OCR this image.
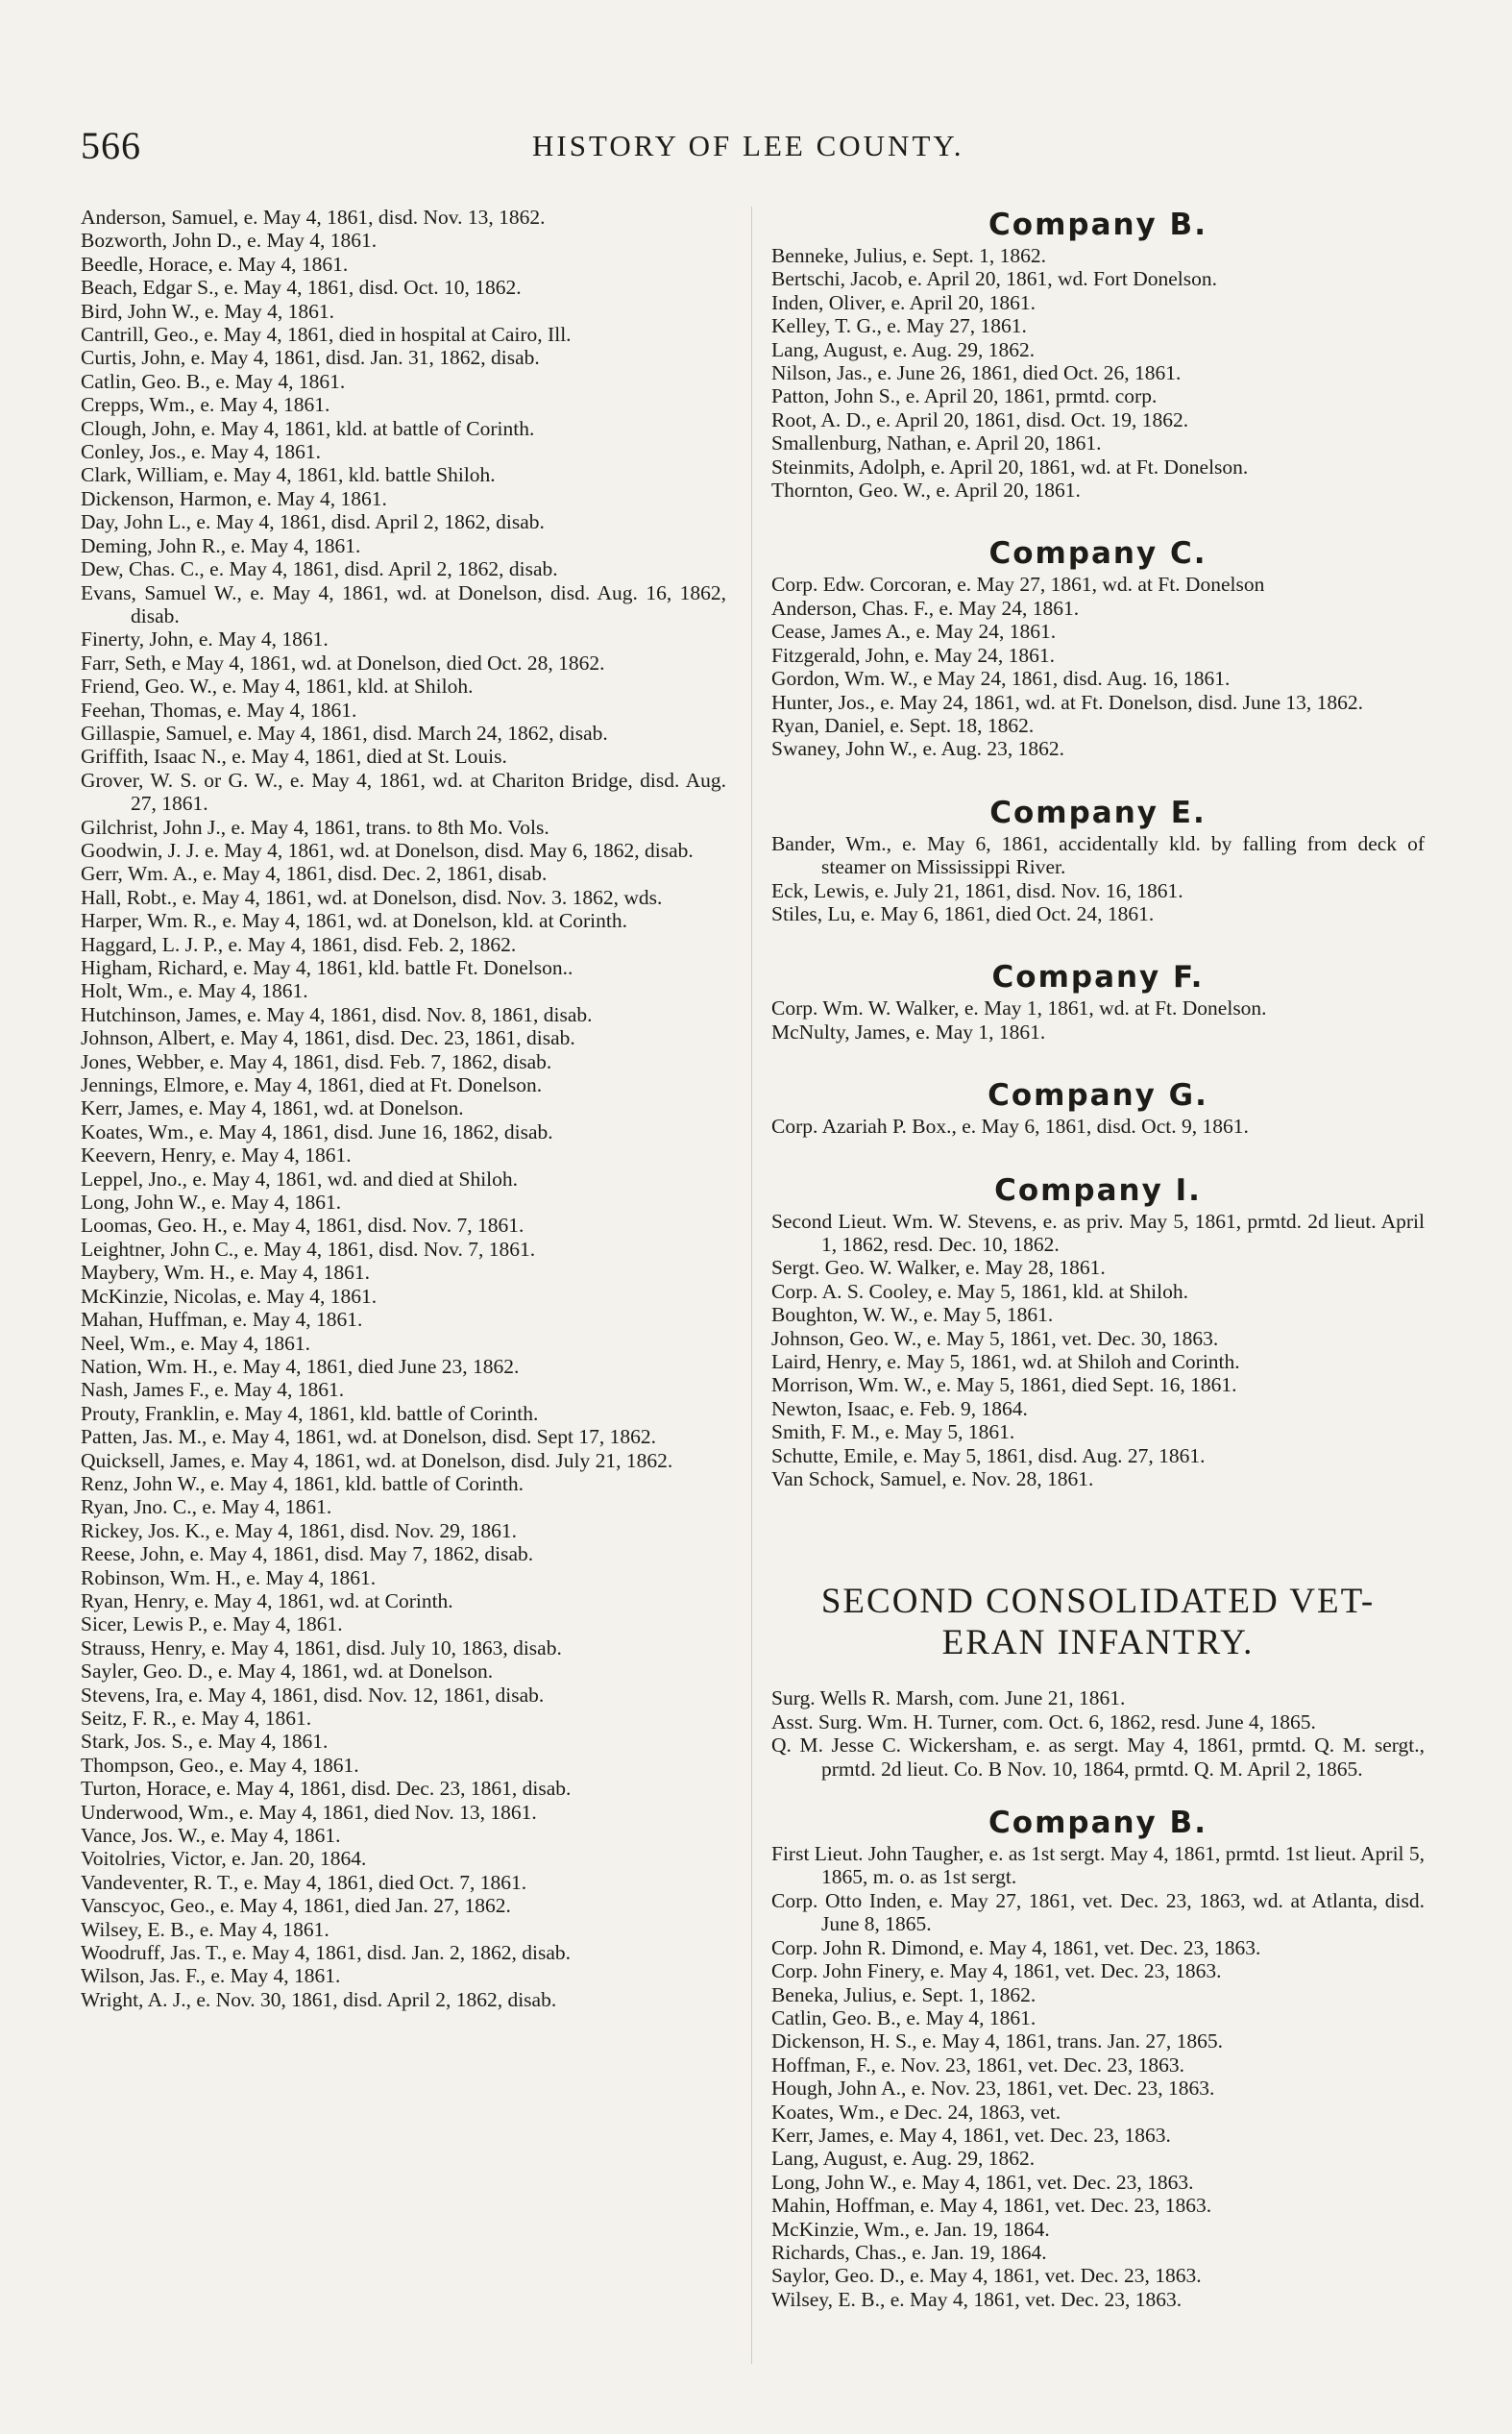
566	HISTORY OF LEE COUNTY.
Anderson, Samuel, e. May 4, 1861, disd. Nov. 13, 1862.
Bozworth, John D., e. May 4, 1861.
Beedle, Horace, e. May 4, 1861.
Beach, Edgar S., e. May 4, 1861, disd. Oct. 10, 1862.
Bird, John W., e. May 4, 1861.
Cantrill, Geo., e. May 4, 1861, died in hospital at Cairo, Ill.
Curtis, John, e. May 4, 1861, disd. Jan. 31, 1862, disab.
Catlin, Geo. B., e. May 4, 1861.
Crepps, Wm., e. May 4, 1861.
Clough, John, e. May 4, 1861, kld. at battle of Corinth.
Conley, Jos., e. May 4, 1861.
Clark, William, e. May 4, 1861, kld. battle Shiloh.
Dickenson, Harmon, e. May 4, 1861.
Day, John L., e. May 4, 1861, disd. April 2, 1862, disab.
Deming, John R., e. May 4, 1861.
Dew, Chas. C., e. May 4, 1861, disd. April 2, 1862, disab.
Evans, Samuel W., e. May 4, 1861, wd. at Donelson, disd. Aug. 16, 1862, disab.
Finerty, John, e. May 4, 1861.
Farr, Seth, e May 4, 1861, wd. at Donelson, died Oct. 28, 1862.
Friend, Geo. W., e. May 4, 1861, kld. at Shiloh.
Feehan, Thomas, e. May 4, 1861.
Gillaspie, Samuel, e. May 4, 1861, disd. March 24, 1862, disab.
Griffith, Isaac N., e. May 4, 1861, died at St. Louis.
Grover, W. S. or G. W., e. May 4, 1861, wd. at Chariton Bridge, disd. Aug. 27, 1861.
Gilchrist, John J., e. May 4, 1861, trans. to 8th Mo. Vols.
Goodwin, J. J. e. May 4, 1861, wd. at Donelson, disd. May 6, 1862, disab.
Gerr, Wm. A., e. May 4, 1861, disd. Dec. 2, 1861, disab.
Hall, Robt., e. May 4, 1861, wd. at Donelson, disd. Nov. 3. 1862, wds.
Harper, Wm. R., e. May 4, 1861, wd. at Donelson, kld. at Corinth.
Haggard, L. J. P., e. May 4, 1861, disd. Feb. 2, 1862.
Higham, Richard, e. May 4, 1861, kld. battle Ft. Donelson..
Holt, Wm., e. May 4, 1861.
Hutchinson, James, e. May 4, 1861, disd. Nov. 8, 1861, disab.
Johnson, Albert, e. May 4, 1861, disd. Dec. 23, 1861, disab.
Jones, Webber, e. May 4, 1861, disd. Feb. 7, 1862, disab.
Jennings, Elmore, e. May 4, 1861, died at Ft. Donelson.
Kerr, James, e. May 4, 1861, wd. at Donelson.
Koates, Wm., e. May 4, 1861, disd. June 16, 1862, disab.
Keevern, Henry, e. May 4, 1861.
Leppel, Jno., e. May 4, 1861, wd. and died at Shiloh.
Long, John W., e. May 4, 1861.
Loomas, Geo. H., e. May 4, 1861, disd. Nov. 7, 1861.
Leightner, John C., e. May 4, 1861, disd. Nov. 7, 1861.
Maybery, Wm. H., e. May 4, 1861.
McKinzie, Nicolas, e. May 4, 1861.
Mahan, Huffman, e. May 4, 1861.
Neel, Wm., e. May 4, 1861.
Nation, Wm. H., e. May 4, 1861, died June 23, 1862.
Nash, James F., e. May 4, 1861.
Prouty, Franklin, e. May 4, 1861, kld. battle of Corinth.
Patten, Jas. M., e. May 4, 1861, wd. at Donelson, disd. Sept 17, 1862.
Quicksell, James, e. May 4, 1861, wd. at Donelson, disd. July 21, 1862.
Renz, John W., e. May 4, 1861, kld. battle of Corinth.
Ryan, Jno. C., e. May 4, 1861.
Rickey, Jos. K., e. May 4, 1861, disd. Nov. 29, 1861.
Reese, John, e. May 4, 1861, disd. May 7, 1862, disab.
Robinson, Wm. H., e. May 4, 1861.
Ryan, Henry, e. May 4, 1861, wd. at Corinth.
Sicer, Lewis P., e. May 4, 1861.
Strauss, Henry, e. May 4, 1861, disd. July 10, 1863, disab.
Sayler, Geo. D., e. May 4, 1861, wd. at Donelson.
Stevens, Ira, e. May 4, 1861, disd. Nov. 12, 1861, disab.
Seitz, F. R., e. May 4, 1861.
Stark, Jos. S., e. May 4, 1861.
Thompson, Geo., e. May 4, 1861.
Turton, Horace, e. May 4, 1861, disd. Dec. 23, 1861, disab.
Underwood, Wm., e. May 4, 1861, died Nov. 13, 1861.
Vance, Jos. W., e. May 4, 1861.
Voitolries, Victor, e. Jan. 20, 1864.
Vandeventer, R. T., e. May 4, 1861, died Oct. 7, 1861.
Vanscyoc, Geo., e. May 4, 1861, died Jan. 27, 1862.
Wilsey, E. B., e. May 4, 1861.
Woodruff, Jas. T., e. May 4, 1861, disd. Jan. 2, 1862, disab.
Wilson, Jas. F., e. May 4, 1861.
Wright, A. J., e. Nov. 30, 1861, disd. April 2, 1862, disab.
Company B.
Benneke, Julius, e. Sept. 1, 1862.
Bertschi, Jacob, e. April 20, 1861, wd. Fort Donelson.
Inden, Oliver, e. April 20, 1861.
Kelley, T. G., e. May 27, 1861.
Lang, August, e. Aug. 29, 1862.
Nilson, Jas., e. June 26, 1861, died Oct. 26, 1861.
Patton, John S., e. April 20, 1861, prmtd. corp.
Root, A. D., e. April 20, 1861, disd. Oct. 19, 1862.
Smallenburg, Nathan, e. April 20, 1861.
Steinmits, Adolph, e. April 20, 1861, wd. at Ft. Donelson.
Thornton, Geo. W., e. April 20, 1861.
Company C.
Corp. Edw. Corcoran, e. May 27, 1861, wd. at Ft. Donelson
Anderson, Chas. F., e. May 24, 1861.
Cease, James A., e. May 24, 1861.
Fitzgerald, John, e. May 24, 1861.
Gordon, Wm. W., e May 24, 1861, disd. Aug. 16, 1861.
Hunter, Jos., e. May 24, 1861, wd. at Ft. Donelson, disd. June 13, 1862.
Ryan, Daniel, e. Sept. 18, 1862.
Swaney, John W., e. Aug. 23, 1862.
Company E.
Bander, Wm., e. May 6, 1861, accidentally kld. by falling from deck of steamer on Mississippi River.
Eck, Lewis, e. July 21, 1861, disd. Nov. 16, 1861.
Stiles, Lu, e. May 6, 1861, died Oct. 24, 1861.
Company F.
Corp. Wm. W. Walker, e. May 1, 1861, wd. at Ft. Donelson.
McNulty, James, e. May 1, 1861.
Company G.
Corp. Azariah P. Box., e. May 6, 1861, disd. Oct. 9, 1861.
Company I.
Second Lieut. Wm. W. Stevens, e. as priv. May 5, 1861, prmtd. 2d lieut. April 1, 1862, resd. Dec. 10, 1862.
Sergt. Geo. W. Walker, e. May 28, 1861.
Corp. A. S. Cooley, e. May 5, 1861, kld. at Shiloh.
Boughton, W. W., e. May 5, 1861.
Johnson, Geo. W., e. May 5, 1861, vet. Dec. 30, 1863.
Laird, Henry, e. May 5, 1861, wd. at Shiloh and Corinth.
Morrison, Wm. W., e. May 5, 1861, died Sept. 16, 1861.
Newton, Isaac, e. Feb. 9, 1864.
Smith, F. M., e. May 5, 1861.
Schutte, Emile, e. May 5, 1861, disd. Aug. 27, 1861.
Van Schock, Samuel, e. Nov. 28, 1861.
SECOND CONSOLIDATED VET-
ERAN INFANTRY.
Surg. Wells R. Marsh, com. June 21, 1861.
Asst. Surg. Wm. H. Turner, com. Oct. 6, 1862, resd. June 4, 1865.
Q. M. Jesse C. Wickersham, e. as sergt. May 4, 1861, prmtd. Q. M. sergt., prmtd. 2d lieut. Co. B Nov. 10, 1864, prmtd. Q. M. April 2, 1865.
Company B.
First Lieut. John Taugher, e. as 1st sergt. May 4, 1861, prmtd. 1st lieut. April 5, 1865, m. o. as 1st sergt.
Corp. Otto Inden, e. May 27, 1861, vet. Dec. 23, 1863, wd. at Atlanta, disd. June 8, 1865.
Corp. John R. Dimond, e. May 4, 1861, vet. Dec. 23, 1863.
Corp. John Finery, e. May 4, 1861, vet. Dec. 23, 1863.
Beneka, Julius, e. Sept. 1, 1862.
Catlin, Geo. B., e. May 4, 1861.
Dickenson, H. S., e. May 4, 1861, trans. Jan. 27, 1865.
Hoffman, F., e. Nov. 23, 1861, vet. Dec. 23, 1863.
Hough, John A., e. Nov. 23, 1861, vet. Dec. 23, 1863.
Koates, Wm., e Dec. 24, 1863, vet.
Kerr, James, e. May 4, 1861, vet. Dec. 23, 1863.
Lang, August, e. Aug. 29, 1862.
Long, John W., e. May 4, 1861, vet. Dec. 23, 1863.
Mahin, Hoffman, e. May 4, 1861, vet. Dec. 23, 1863.
McKinzie, Wm., e. Jan. 19, 1864.
Richards, Chas., e. Jan. 19, 1864.
Saylor, Geo. D., e. May 4, 1861, vet. Dec. 23, 1863.
Wilsey, E. B., e. May 4, 1861, vet. Dec. 23, 1863.
